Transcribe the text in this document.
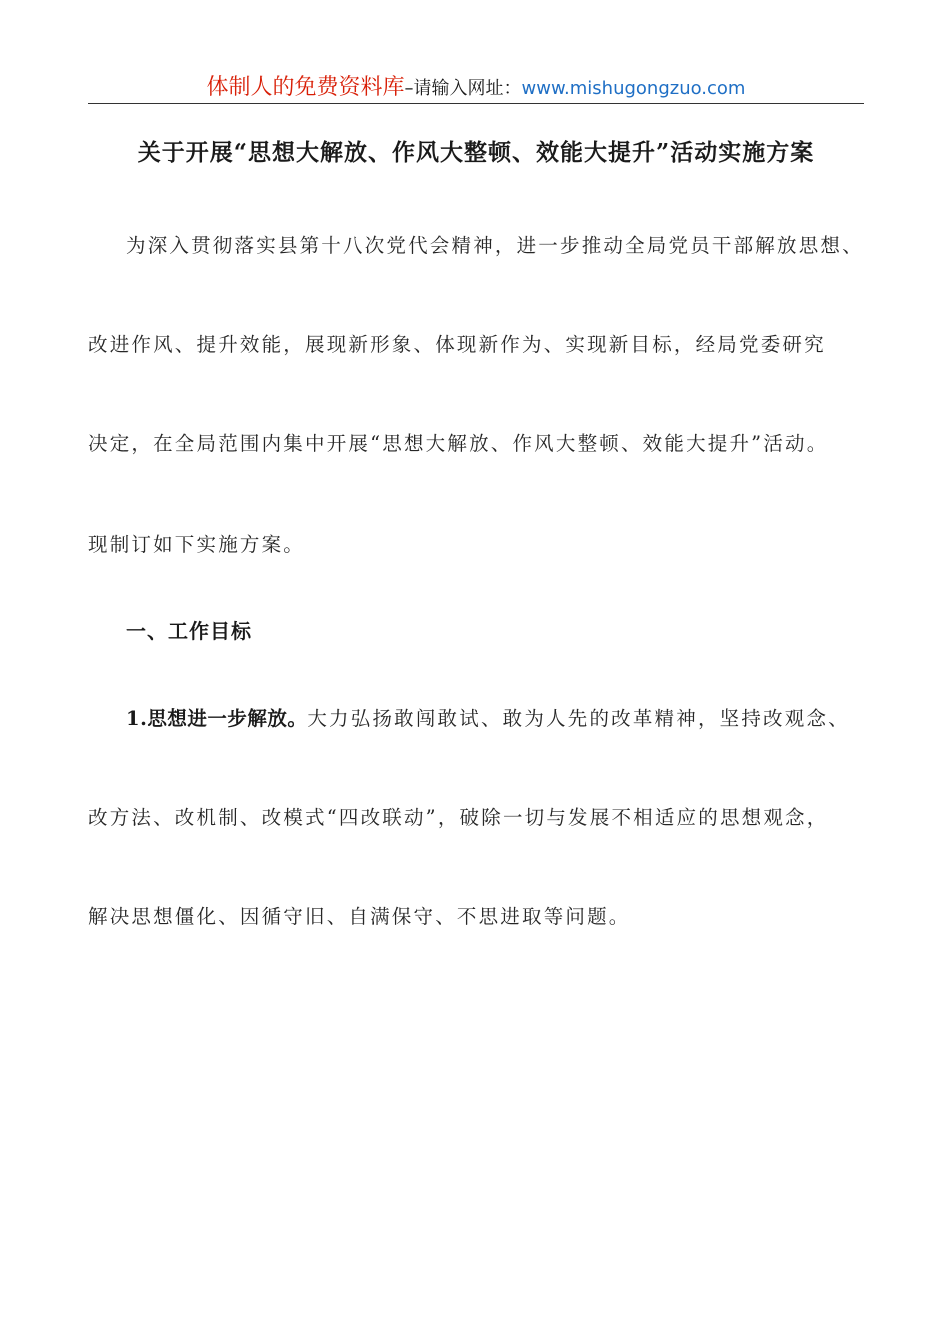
体制人的免费资料库–请输入网址：www.mishugongzuo.com
关于开展“思想大解放、作风大整顿、效能大提升”活动实施方案
为深入贯彻落实县第十八次党代会精神，进一步推动全局党员干部解放思想、
改进作风、提升效能，展现新形象、体现新作为、实现新目标，经局党委研究
决定，在全局范围内集中开展“思想大解放、作风大整顿、效能大提升”活动。
现制订如下实施方案。
一、工作目标
1.思想进一步解放。大力弘扬敢闯敢试、敢为人先的改革精神，坚持改观念、
改方法、改机制、改模式“四改联动”，破除一切与发展不相适应的思想观念，
解决思想僵化、因循守旧、自满保守、不思进取等问题。
